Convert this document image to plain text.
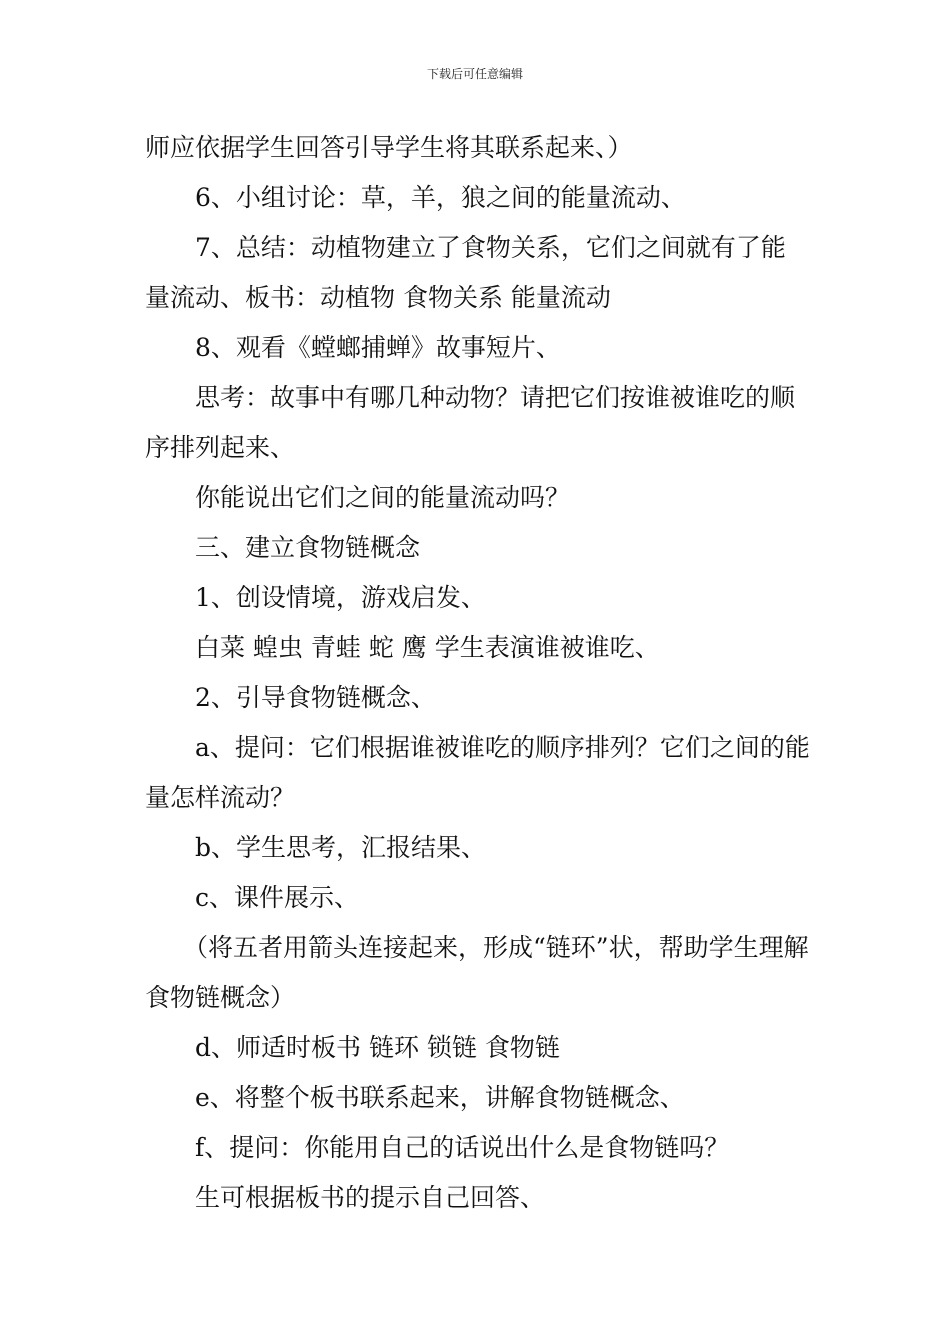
下载后可任意编辑

师应依据学生回答引导学生将其联系起来、）

6、小组讨论：草，羊，狼之间的能量流动、

7、总结：动植物建立了食物关系，它们之间就有了能量流动、板书：动植物 食物关系 能量流动

8、观看《螳螂捕蝉》故事短片、

思考：故事中有哪几种动物？请把它们按谁被谁吃的顺序排列起来、

你能说出它们之间的能量流动吗？

三、建立食物链概念

1、创设情境，游戏启发、

白菜 蝗虫 青蛙 蛇 鹰 学生表演谁被谁吃、

2、引导食物链概念、

a、提问：它们根据谁被谁吃的顺序排列？它们之间的能量怎样流动？

b、学生思考，汇报结果、

c、课件展示、

（将五者用箭头连接起来，形成“链环”状，帮助学生理解食物链概念）

d、师适时板书 链环 锁链 食物链

e、将整个板书联系起来，讲解食物链概念、

f、提问：你能用自己的话说出什么是食物链吗？

生可根据板书的提示自己回答、
